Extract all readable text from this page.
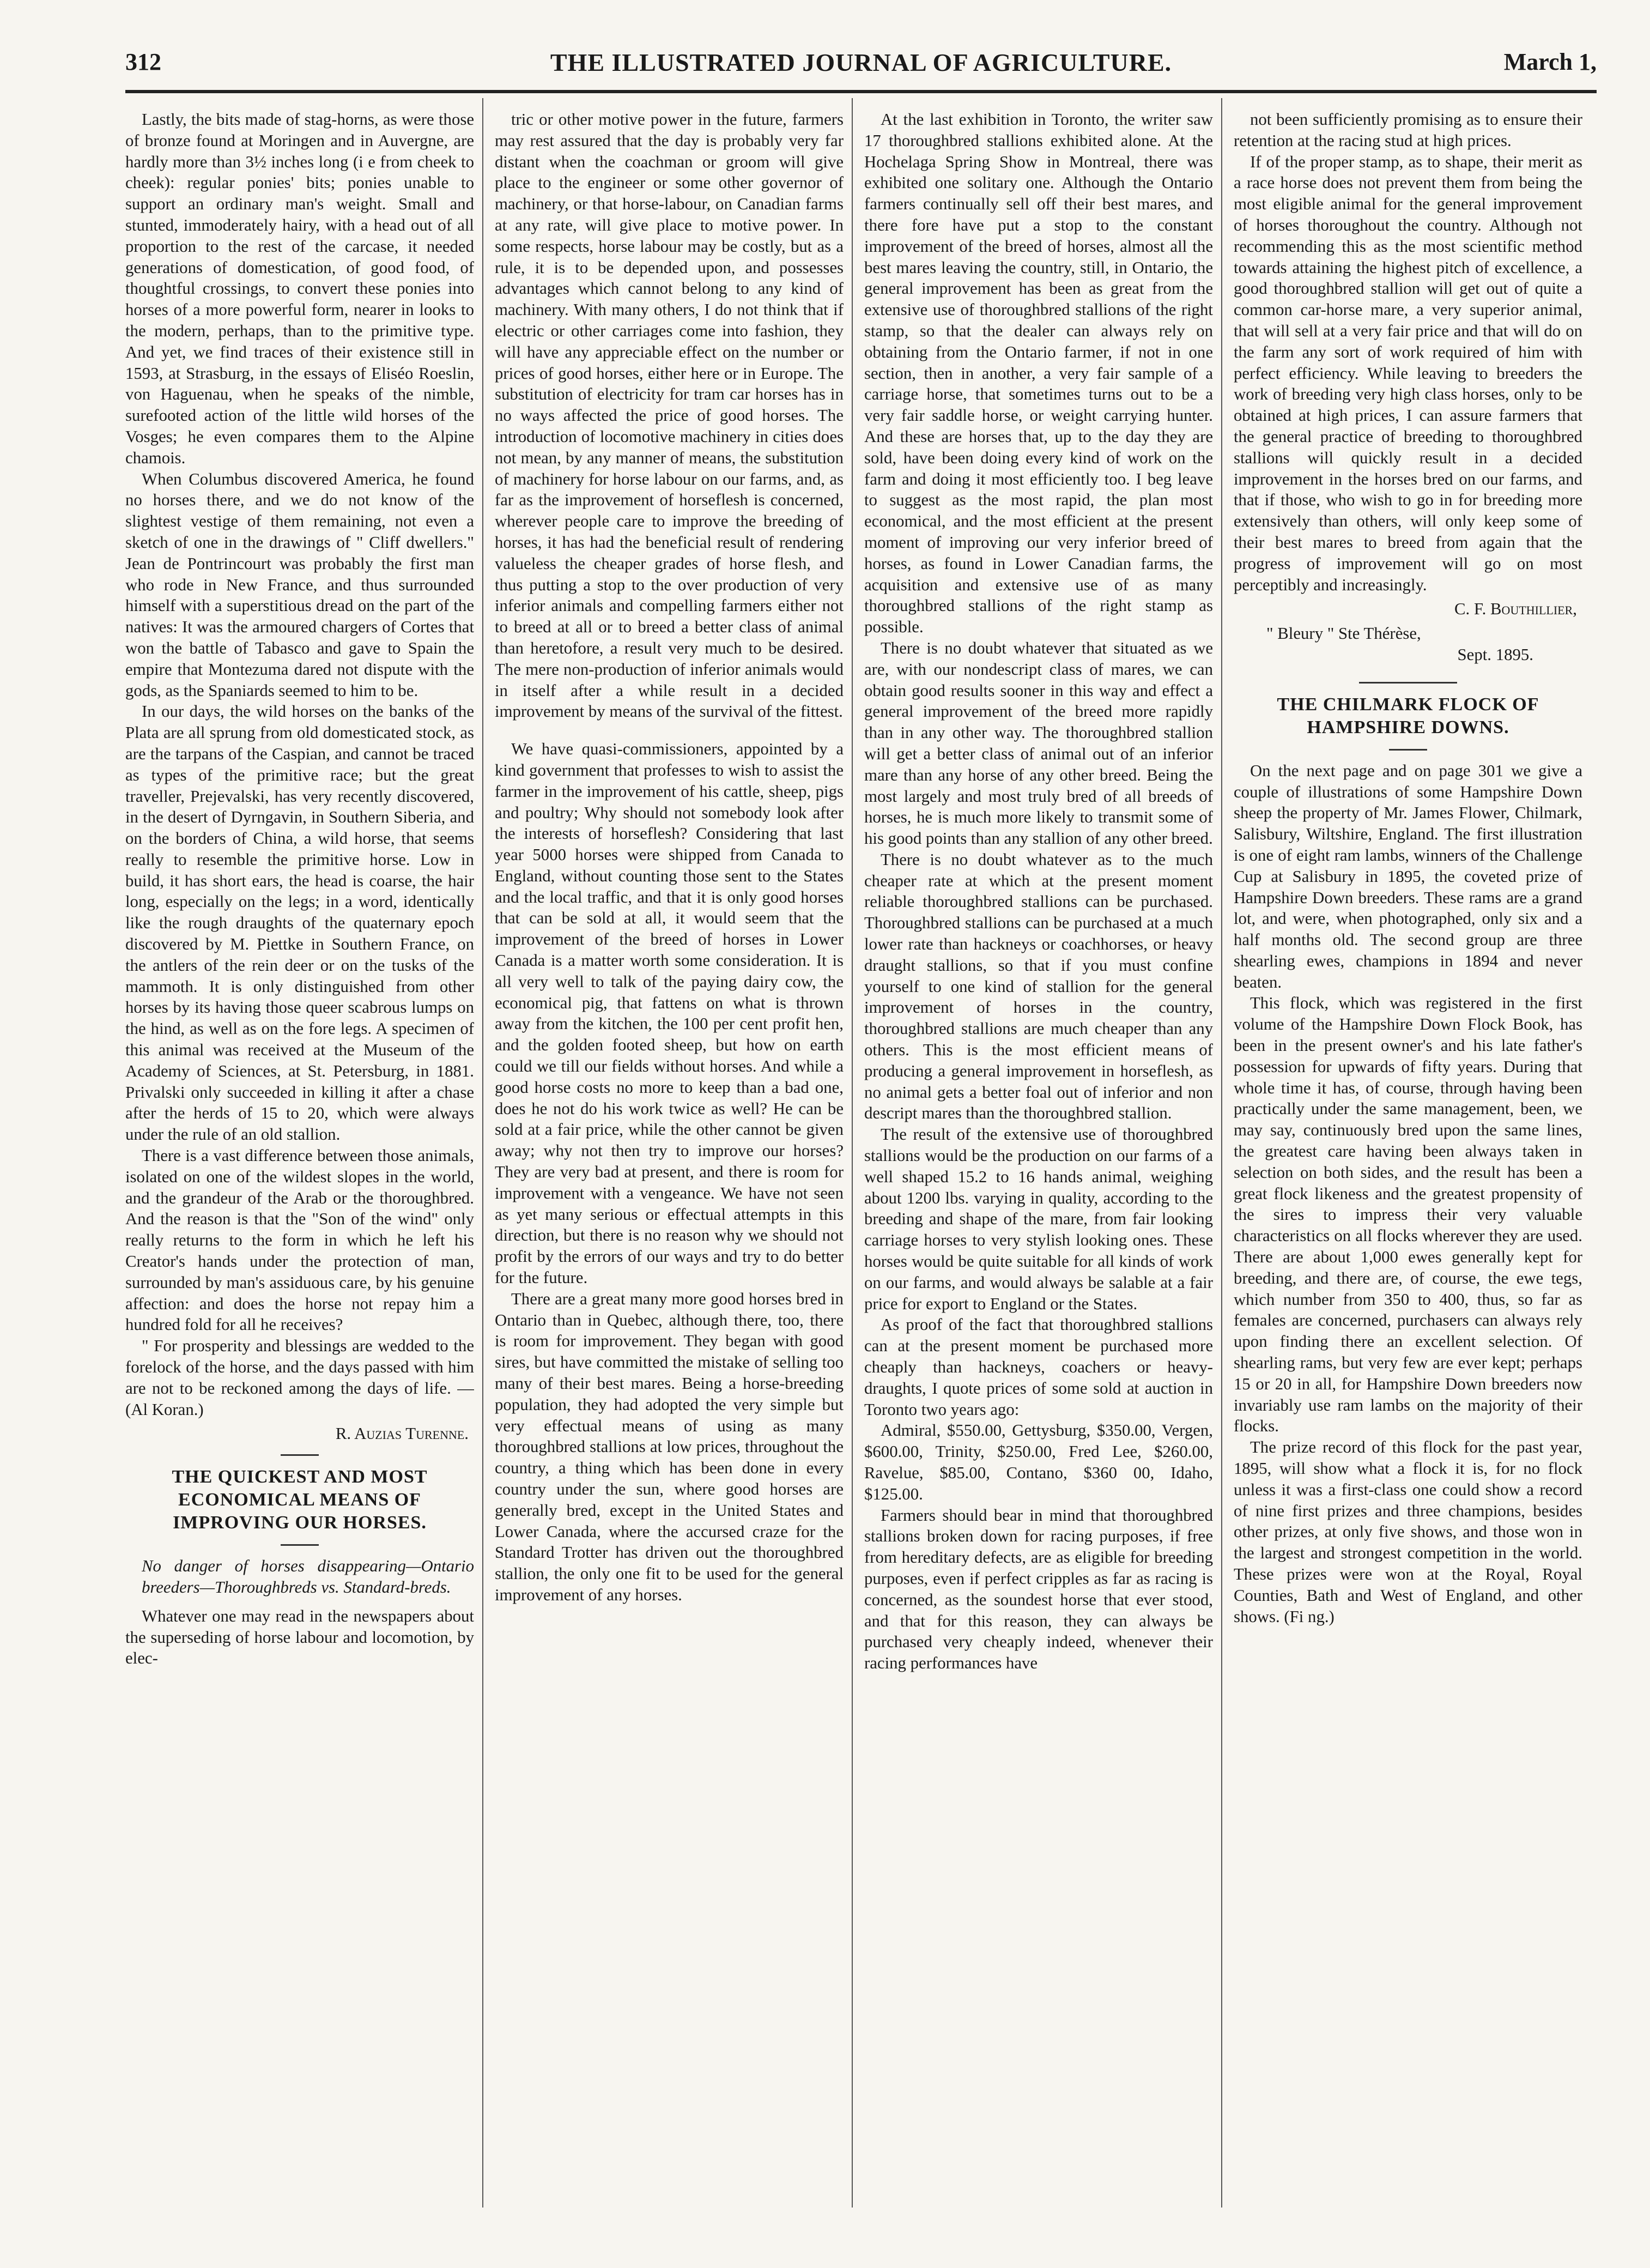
312	THE ILLUSTRATED JOURNAL OF AGRICULTURE.	March 1,

Lastly, the bits made of stag-horns, as were those of bronze found at Moringen and in Auvergne, are hardly more than 3½ inches long (i e from cheek to cheek): regular ponies' bits; ponies unable to support an ordinary man's weight. Small and stunted, immoderately hairy, with a head out of all proportion to the rest of the carcase, it needed generations of domestication, of good food, of thoughtful crossings, to convert these ponies into horses of a more powerful form, nearer in looks to the modern, perhaps, than to the primitive type. And yet, we find traces of their existence still in 1593, at Strasburg, in the essays of Eliséo Roeslin, von Haguenau, when he speaks of the nimble, surefooted action of the little wild horses of the Vosges; he even compares them to the Alpine chamois.

When Columbus discovered America, he found no horses there, and we do not know of the slightest vestige of them remaining, not even a sketch of one in the drawings of " Cliff dwellers." Jean de Pontrincourt was probably the first man who rode in New France, and thus surrounded himself with a superstitious dread on the part of the natives: It was the armoured chargers of Cortes that won the battle of Tabasco and gave to Spain the empire that Montezuma dared not dispute with the gods, as the Spaniards seemed to him to be.

In our days, the wild horses on the banks of the Plata are all sprung from old domesticated stock, as are the tarpans of the Caspian, and cannot be traced as types of the primitive race; but the great traveller, Prejevalski, has very recently discovered, in the desert of Dyrngavin, in Southern Siberia, and on the borders of China, a wild horse, that seems really to resemble the primitive horse. Low in build, it has short ears, the head is coarse, the hair long, especially on the legs; in a word, identically like the rough draughts of the quaternary epoch discovered by M. Piettke in Southern France, on the antlers of the rein deer or on the tusks of the mammoth. It is only distinguished from other horses by its having those queer scabrous lumps on the hind, as well as on the fore legs. A specimen of this animal was received at the Museum of the Academy of Sciences, at St. Petersburg, in 1881. Privalski only succeeded in killing it after a chase after the herds of 15 to 20, which were always under the rule of an old stallion.

There is a vast difference between those animals, isolated on one of the wildest slopes in the world, and the grandeur of the Arab or the thoroughbred. And the reason is that the "Son of the wind" only really returns to the form in which he left his Creator's hands under the protection of man, surrounded by man's assiduous care, by his genuine affection: and does the horse not repay him a hundred fold for all he receives?

" For prosperity and blessings are wedded to the forelock of the horse, and the days passed with him are not to be reckoned among the days of life. —(Al Koran.)

R. Auzias Turenne.

THE QUICKEST AND MOST ECONOMICAL MEANS OF IMPROVING OUR HORSES.

No danger of horses disappearing—Ontario breeders—Thoroughbreds vs. Standard-breds.

Whatever one may read in the newspapers about the superseding of horse labour and locomotion, by elec-

tric or other motive power in the future, farmers may rest assured that the day is probably very far distant when the coachman or groom will give place to the engineer or some other governor of machinery, or that horse-labour, on Canadian farms at any rate, will give place to motive power. In some respects, horse labour may be costly, but as a rule, it is to be depended upon, and possesses advantages which cannot belong to any kind of machinery. With many others, I do not think that if electric or other carriages come into fashion, they will have any appreciable effect on the number or prices of good horses, either here or in Europe. The substitution of electricity for tram car horses has in no ways affected the price of good horses. The introduction of locomotive machinery in cities does not mean, by any manner of means, the substitution of machinery for horse labour on our farms, and, as far as the improvement of horseflesh is concerned, wherever people care to improve the breeding of horses, it has had the beneficial result of rendering valueless the cheaper grades of horse flesh, and thus putting a stop to the over production of very inferior animals and compelling farmers either not to breed at all or to breed a better class of animal than heretofore, a result very much to be desired. The mere non-production of inferior animals would in itself after a while result in a decided improvement by means of the survival of the fittest.

We have quasi-commissioners, appointed by a kind government that professes to wish to assist the farmer in the improvement of his cattle, sheep, pigs and poultry; Why should not somebody look after the interests of horseflesh? Considering that last year 5000 horses were shipped from Canada to England, without counting those sent to the States and the local traffic, and that it is only good horses that can be sold at all, it would seem that the improvement of the breed of horses in Lower Canada is a matter worth some consideration. It is all very well to talk of the paying dairy cow, the economical pig, that fattens on what is thrown away from the kitchen, the 100 per cent profit hen, and the golden footed sheep, but how on earth could we till our fields without horses. And while a good horse costs no more to keep than a bad one, does he not do his work twice as well? He can be sold at a fair price, while the other cannot be given away; why not then try to improve our horses? They are very bad at present, and there is room for improvement with a vengeance. We have not seen as yet many serious or effectual attempts in this direction, but there is no reason why we should not profit by the errors of our ways and try to do better for the future.

There are a great many more good horses bred in Ontario than in Quebec, although there, too, there is room for improvement. They began with good sires, but have committed the mistake of selling too many of their best mares. Being a horse-breeding population, they had adopted the very simple but very effectual means of using as many thoroughbred stallions at low prices, throughout the country, a thing which has been done in every country under the sun, where good horses are generally bred, except in the United States and Lower Canada, where the accursed craze for the Standard Trotter has driven out the thoroughbred stallion, the only one fit to be used for the general improvement of any horses.

At the last exhibition in Toronto, the writer saw 17 thoroughbred stallions exhibited alone. At the Hochelaga Spring Show in Montreal, there was exhibited one solitary one. Although the Ontario farmers continually sell off their best mares, and there fore have put a stop to the constant improvement of the breed of horses, almost all the best mares leaving the country, still, in Ontario, the general improvement has been as great from the extensive use of thoroughbred stallions of the right stamp, so that the dealer can always rely on obtaining from the Ontario farmer, if not in one section, then in another, a very fair sample of a carriage horse, that sometimes turns out to be a very fair saddle horse, or weight carrying hunter. And these are horses that, up to the day they are sold, have been doing every kind of work on the farm and doing it most efficiently too. I beg leave to suggest as the most rapid, the plan most economical, and the most efficient at the present moment of improving our very inferior breed of horses, as found in Lower Canadian farms, the acquisition and extensive use of as many thoroughbred stallions of the right stamp as possible.

There is no doubt whatever that situated as we are, with our nondescript class of mares, we can obtain good results sooner in this way and effect a general improvement of the breed more rapidly than in any other way. The thoroughbred stallion will get a better class of animal out of an inferior mare than any horse of any other breed. Being the most largely and most truly bred of all breeds of horses, he is much more likely to transmit some of his good points than any stallion of any other breed.

There is no doubt whatever as to the much cheaper rate at which at the present moment reliable thoroughbred stallions can be purchased. Thoroughbred stallions can be purchased at a much lower rate than hackneys or coachhorses, or heavy draught stallions, so that if you must confine yourself to one kind of stallion for the general improvement of horses in the country, thoroughbred stallions are much cheaper than any others. This is the most efficient means of producing a general improvement in horseflesh, as no animal gets a better foal out of inferior and non descript mares than the thoroughbred stallion.

The result of the extensive use of thoroughbred stallions would be the production on our farms of a well shaped 15.2 to 16 hands animal, weighing about 1200 lbs. varying in quality, according to the breeding and shape of the mare, from fair looking carriage horses to very stylish looking ones. These horses would be quite suitable for all kinds of work on our farms, and would always be salable at a fair price for export to England or the States.

As proof of the fact that thoroughbred stallions can at the present moment be purchased more cheaply than hackneys, coachers or heavy-draughts, I quote prices of some sold at auction in Toronto two years ago:

Admiral, $550.00, Gettysburg, $350.00, Vergen, $600.00, Trinity, $250.00, Fred Lee, $260.00, Ravelue, $85.00, Contano, $360 00, Idaho, $125.00.

Farmers should bear in mind that thoroughbred stallions broken down for racing purposes, if free from hereditary defects, are as eligible for breeding purposes, even if perfect cripples as far as racing is concerned, as the soundest horse that ever stood, and that for this reason, they can always be purchased very cheaply indeed, whenever their racing performances have

not been sufficiently promising as to ensure their retention at the racing stud at high prices.

If of the proper stamp, as to shape, their merit as a race horse does not prevent them from being the most eligible animal for the general improvement of horses thoroughout the country. Although not recommending this as the most scientific method towards attaining the highest pitch of excellence, a good thoroughbred stallion will get out of quite a common car-horse mare, a very superior animal, that will sell at a very fair price and that will do on the farm any sort of work required of him with perfect efficiency. While leaving to breeders the work of breeding very high class horses, only to be obtained at high prices, I can assure farmers that the general practice of breeding to thoroughbred stallions will quickly result in a decided improvement in the horses bred on our farms, and that if those, who wish to go in for breeding more extensively than others, will only keep some of their best mares to breed from again that the progress of improvement will go on most perceptibly and increasingly.

C. F. Bouthillier,

" Bleury " Ste Thérèse,

Sept. 1895.

THE CHILMARK FLOCK OF HAMPSHIRE DOWNS.

On the next page and on page 301 we give a couple of illustrations of some Hampshire Down sheep the property of Mr. James Flower, Chilmark, Salisbury, Wiltshire, England. The first illustration is one of eight ram lambs, winners of the Challenge Cup at Salisbury in 1895, the coveted prize of Hampshire Down breeders. These rams are a grand lot, and were, when photographed, only six and a half months old. The second group are three shearling ewes, champions in 1894 and never beaten.

This flock, which was registered in the first volume of the Hampshire Down Flock Book, has been in the present owner's and his late father's possession for upwards of fifty years. During that whole time it has, of course, through having been practically under the same management, been, we may say, continuously bred upon the same lines, the greatest care having been always taken in selection on both sides, and the result has been a great flock likeness and the greatest propensity of the sires to impress their very valuable characteristics on all flocks wherever they are used. There are about 1,000 ewes generally kept for breeding, and there are, of course, the ewe tegs, which number from 350 to 400, thus, so far as females are concerned, purchasers can always rely upon finding there an excellent selection. Of shearling rams, but very few are ever kept; perhaps 15 or 20 in all, for Hampshire Down breeders now invariably use ram lambs on the majority of their flocks.

The prize record of this flock for the past year, 1895, will show what a flock it is, for no flock unless it was a first-class one could show a record of nine first prizes and three champions, besides other prizes, at only five shows, and those won in the largest and strongest competition in the world. These prizes were won at the Royal, Royal Counties, Bath and West of England, and other shows. (Fi ng.)
